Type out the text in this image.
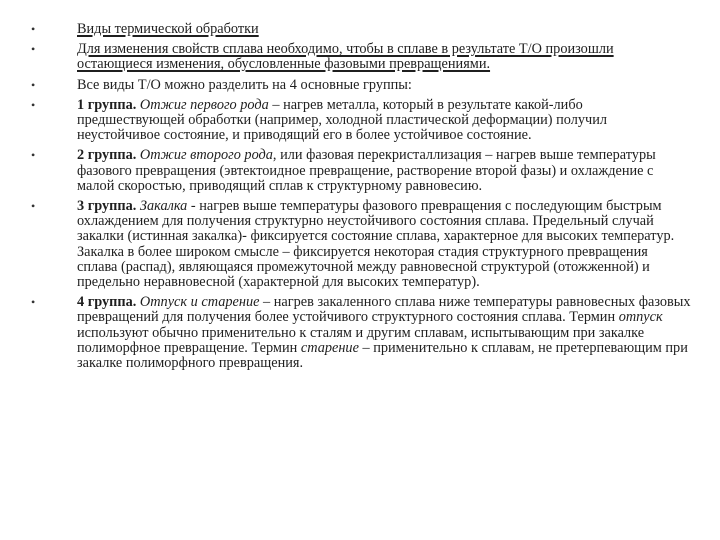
•	Виды термической обработки
•	Для изменения свойств сплава необходимо, чтобы в сплаве в результате Т/О произошли остающиеся изменения, обусловленные фазовыми превращениями.
•	Все виды Т/О можно разделить на 4 основные группы:
•	1 группа. Отжиг первого рода – нагрев металла, который в результате какой-либо предшествующей обработки (например, холодной пластической деформации) получил неустойчивое состояние, и приводящий его в более устойчивое состояние.
•	2 группа. Отжиг второго рода, или фазовая перекристаллизация – нагрев выше температуры фазового превращения (эвтектоидное превращение, растворение второй фазы) и охлаждение с малой скоростью, приводящий сплав к структурному равновесию.
•	3 группа. Закалка - нагрев выше температуры фазового превращения с последующим быстрым охлаждением для получения структурно неустойчивого состояния сплава. Предельный случай закалки (истинная закалка)- фиксируется состояние сплава, характерное для высоких температур. Закалка в более широком смысле – фиксируется некоторая стадия структурного превращения сплава (распад), являющаяся промежуточной между равновесной структурой (отожженной) и предельно неравновесной (характерной для высоких температур).
•	4 группа. Отпуск и старение – нагрев закаленного сплава ниже температуры равновесных фазовых превращений для получения более устойчивого структурного состояния сплава. Термин отпуск используют обычно применительно к сталям и другим сплавам, испытывающим при закалке полиморфное превращение. Термин старение – применительно к сплавам, не претерпевающим при закалке полиморфного превращения.
